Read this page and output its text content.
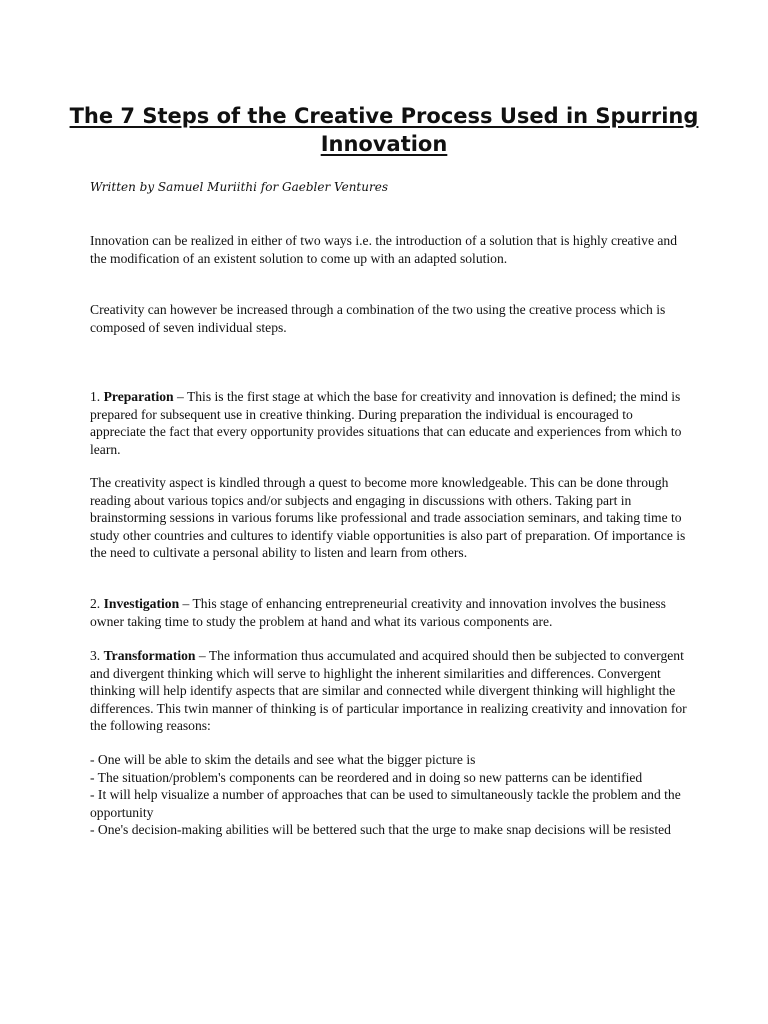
The 7 Steps of the Creative Process Used in Spurring Innovation

Written by Samuel Muriithi for Gaebler Ventures

Innovation can be realized in either of two ways i.e. the introduction of a solution that is highly creative and the modification of an existent solution to come up with an adapted solution.

Creativity can however be increased through a combination of the two using the creative process which is composed of seven individual steps.

1. Preparation – This is the first stage at which the base for creativity and innovation is defined; the mind is prepared for subsequent use in creative thinking. During preparation the individual is encouraged to appreciate the fact that every opportunity provides situations that can educate and experiences from which to learn.

The creativity aspect is kindled through a quest to become more knowledgeable. This can be done through reading about various topics and/or subjects and engaging in discussions with others. Taking part in brainstorming sessions in various forums like professional and trade association seminars, and taking time to study other countries and cultures to identify viable opportunities is also part of preparation. Of importance is the need to cultivate a personal ability to listen and learn from others.

2. Investigation – This stage of enhancing entrepreneurial creativity and innovation involves the business owner taking time to study the problem at hand and what its various components are.

3. Transformation – The information thus accumulated and acquired should then be subjected to convergent and divergent thinking which will serve to highlight the inherent similarities and differences. Convergent thinking will help identify aspects that are similar and connected while divergent thinking will highlight the differences. This twin manner of thinking is of particular importance in realizing creativity and innovation for the following reasons:

- One will be able to skim the details and see what the bigger picture is
- The situation/problem's components can be reordered and in doing so new patterns can be identified
- It will help visualize a number of approaches that can be used to simultaneously tackle the problem and the opportunity
- One's decision-making abilities will be bettered such that the urge to make snap decisions will be resisted
